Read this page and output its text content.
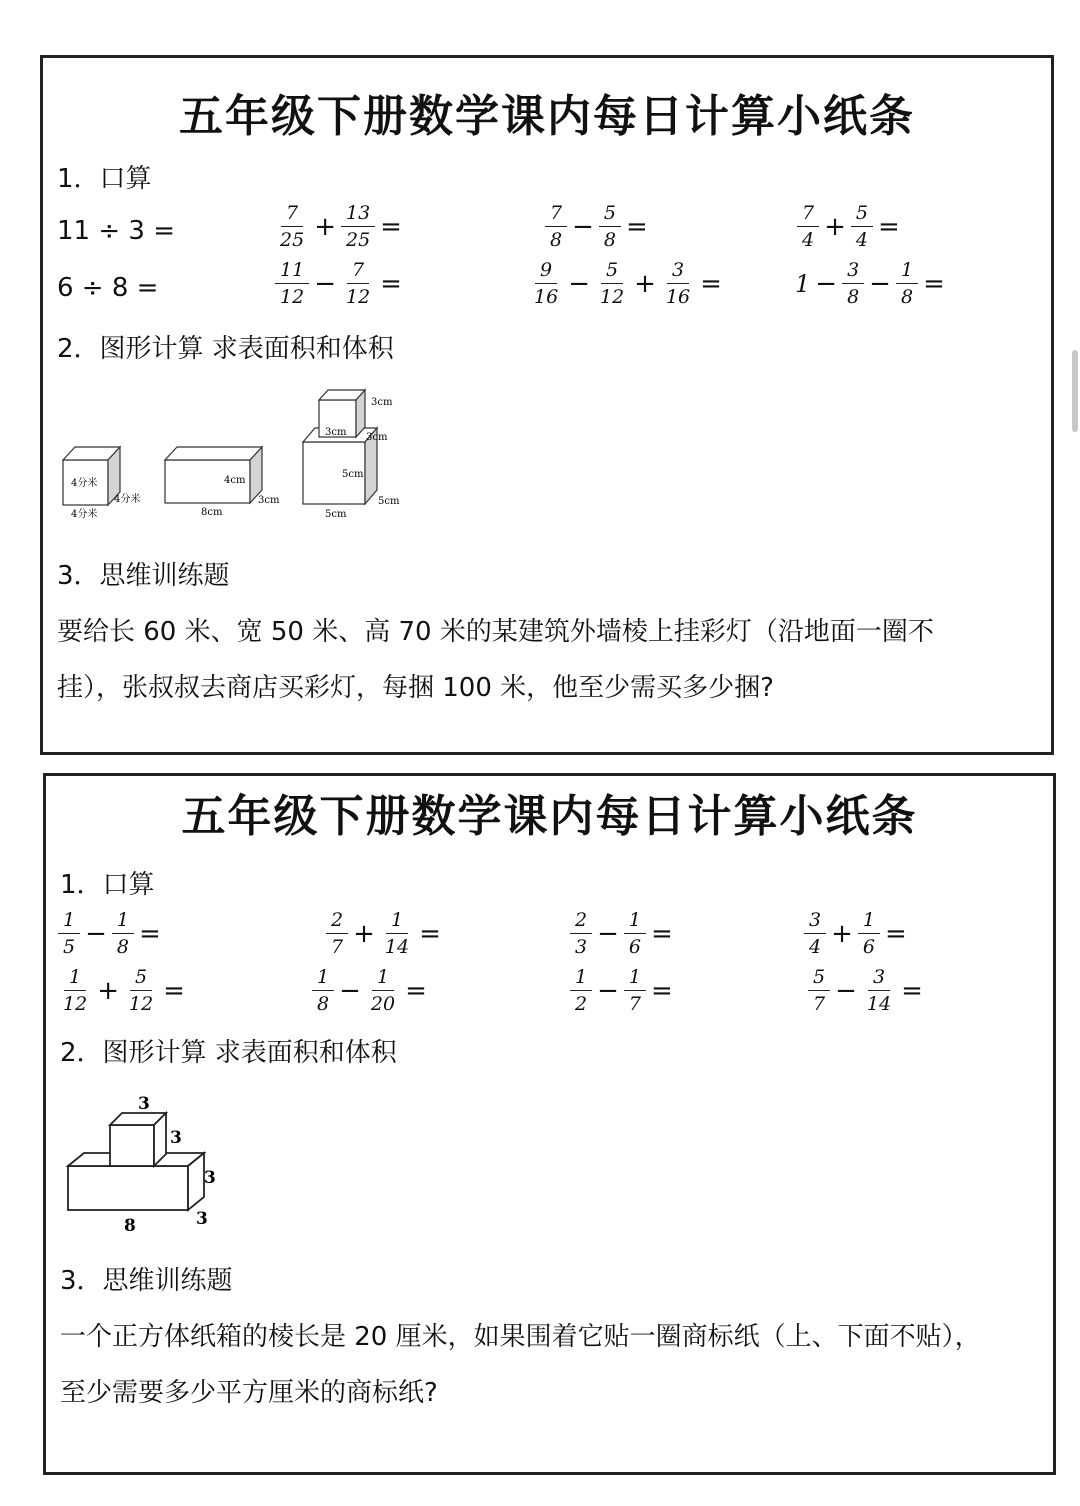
五年级下册数学课内每日计算小纸条
1．口算
11 ÷ 3 =	$\frac{7}{25} + \frac{13}{25}$ =	$\frac{7}{8} - \frac{5}{8}$ =	$\frac{7}{4} + \frac{5}{4}$ =
6 ÷ 8 =	$\frac{11}{12} - \frac{7}{12}$ =	$\frac{9}{16} - \frac{5}{12} + \frac{3}{16}$ =	$1 - \frac{3}{8} - \frac{1}{8}$ =
2．图形计算 求表面积和体积
4分米
4分米
4分米
4cm
8cm
3cm
3cm
3cm 3cm
5cm
5cm
5cm
3．思维训练题
要给长 60 米、宽 50 米、高 70 米的某建筑外墙棱上挂彩灯（沿地面一圈不
挂），张叔叔去商店买彩灯，每捆 100 米，他至少需买多少捆?
五年级下册数学课内每日计算小纸条
1．口算
$\frac{1}{5} - \frac{1}{8}$ =	$\frac{2}{7} + \frac{1}{14}$ =	$\frac{2}{3} - \frac{1}{6}$ =	$\frac{3}{4} + \frac{1}{6}$ =
$\frac{1}{12} + \frac{5}{12}$ =	$\frac{1}{8} - \frac{1}{20}$ =	$\frac{1}{2} - \frac{1}{7}$ =	$\frac{5}{7} - \frac{3}{14}$ =
2．图形计算 求表面积和体积
3
3
3
8	3
3．思维训练题
一个正方体纸箱的棱长是 20 厘米，如果围着它贴一圈商标纸（上、下面不贴），
至少需要多少平方厘米的商标纸?
